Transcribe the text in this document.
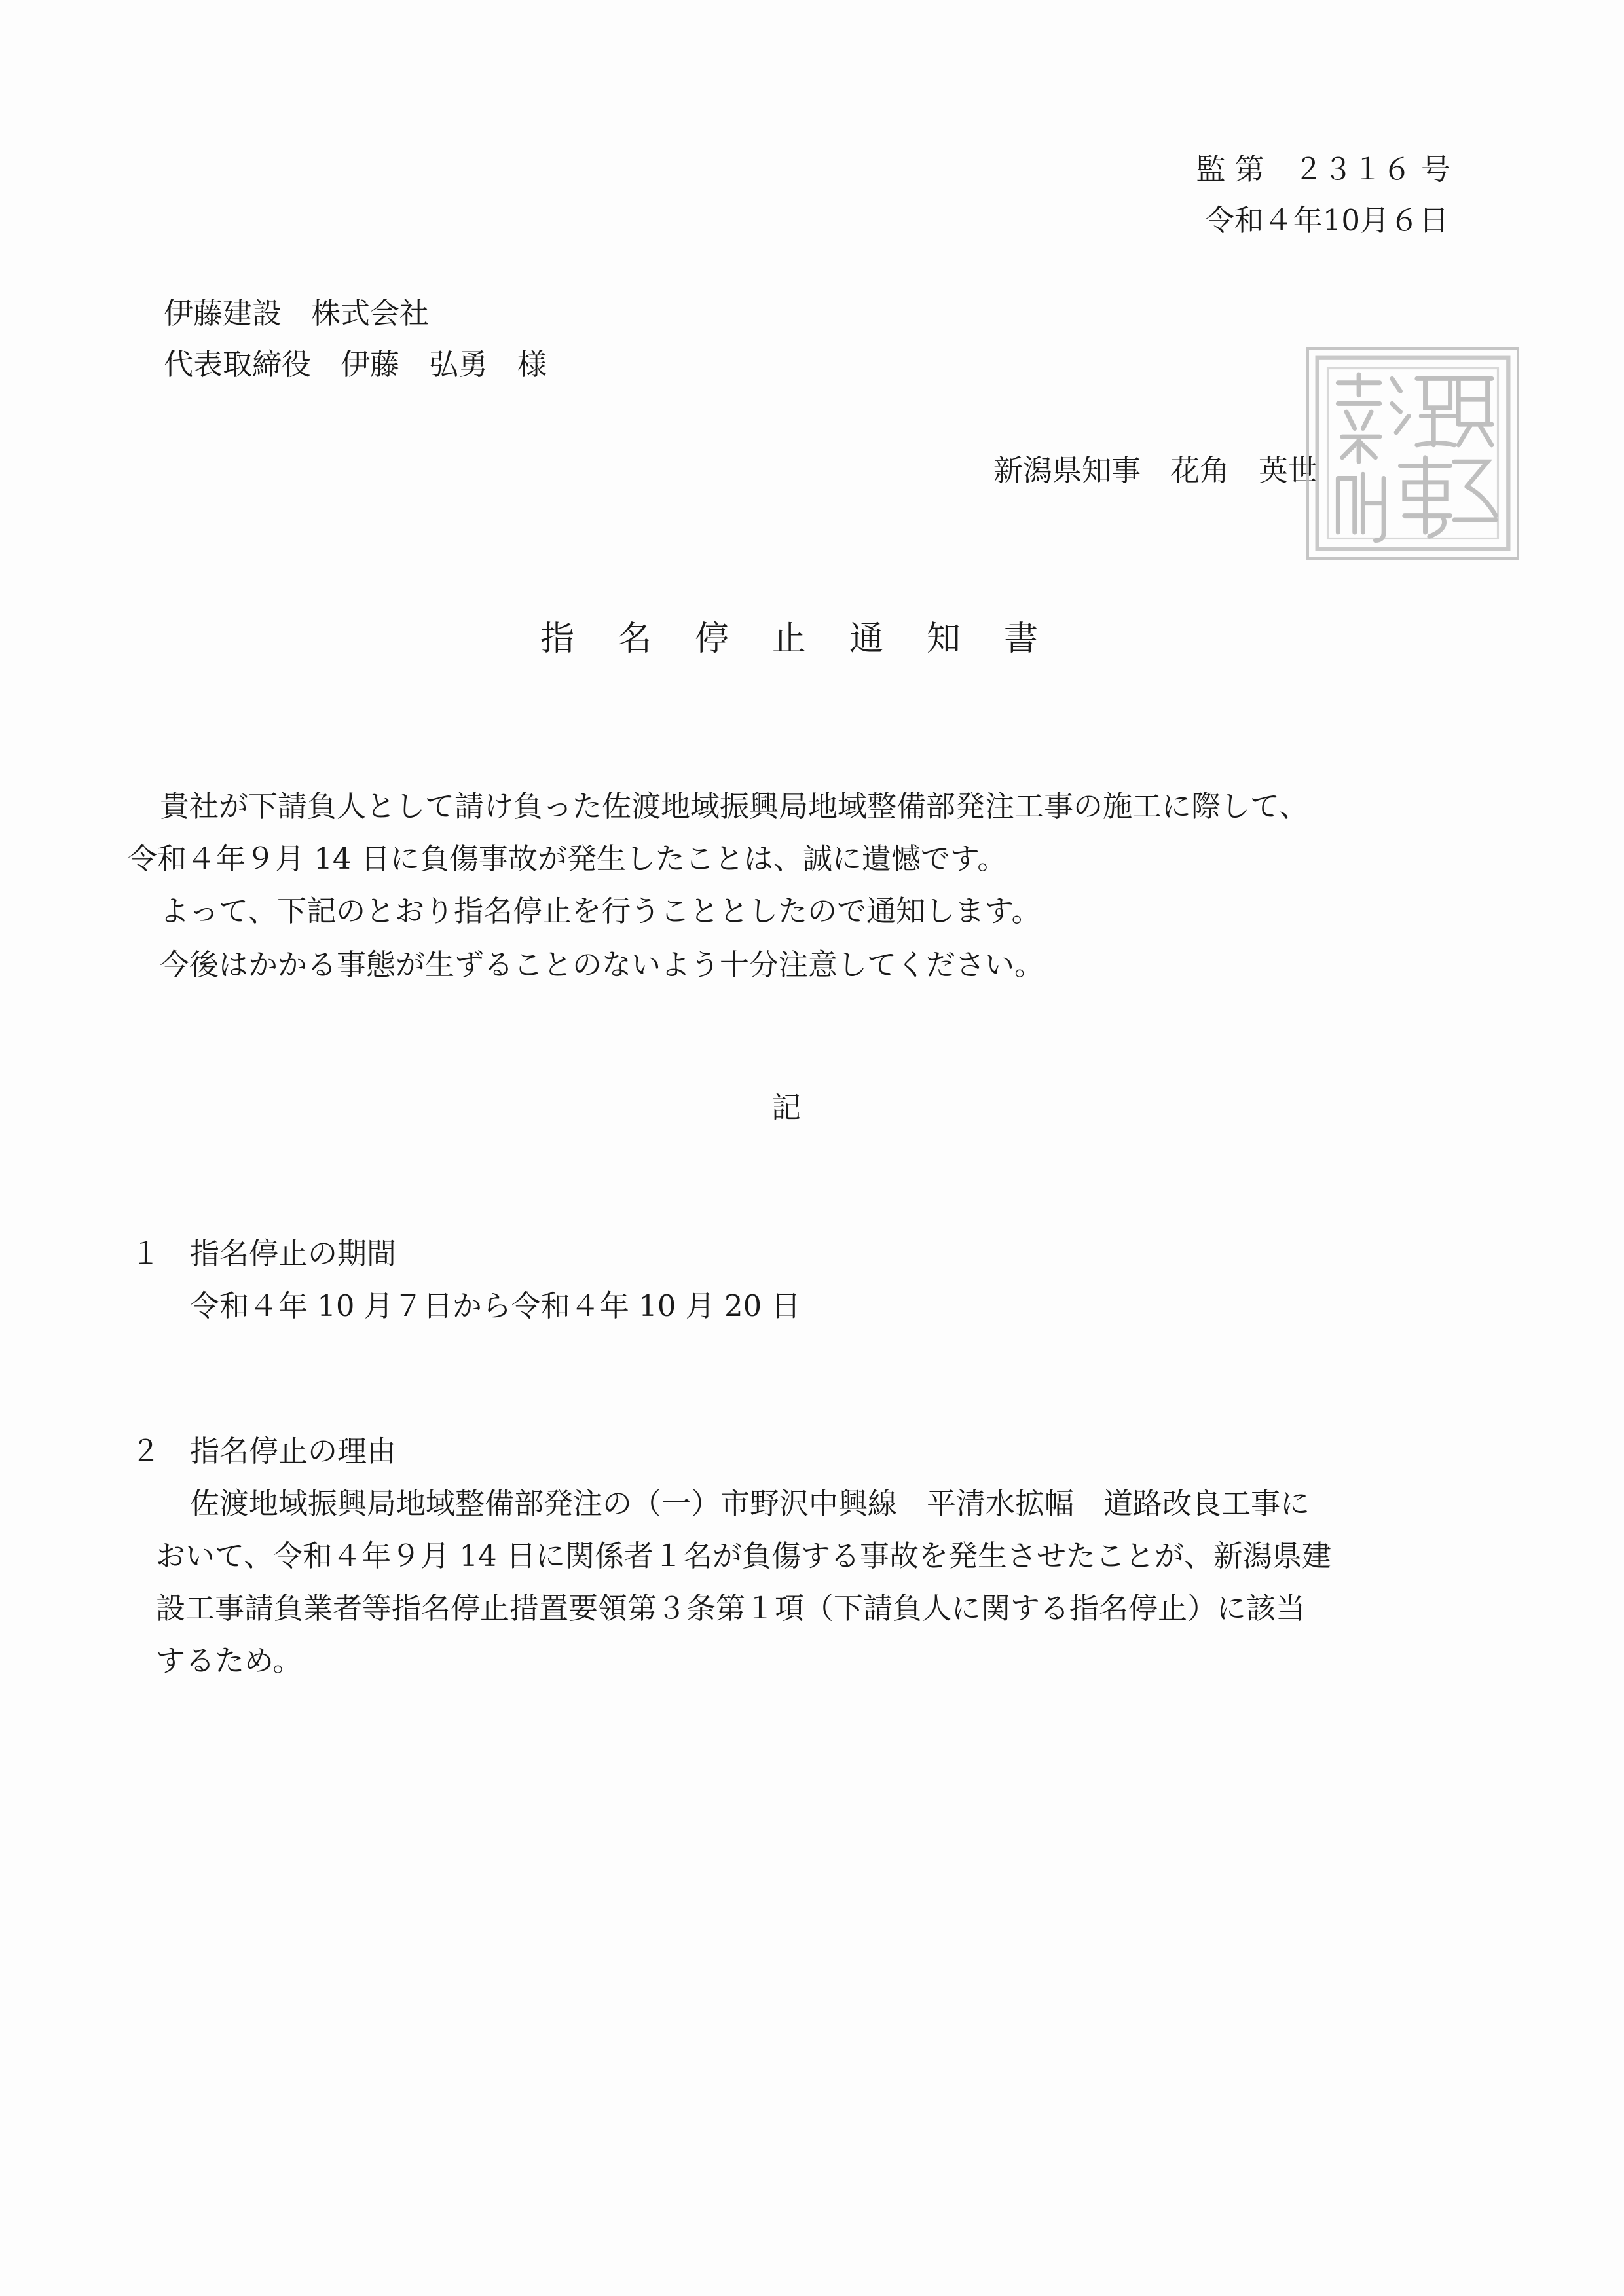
監 第　２３１６ 号
令和４年10月６日
伊藤建設　株式会社
代表取締役　伊藤　弘勇　様
新潟県知事　花角　英世
指名停止通知書
貴社が下請負人として請け負った佐渡地域振興局地域整備部発注工事の施工に際して、
令和４年９月 14 日に負傷事故が発生したことは、誠に遺憾です。
よって、下記のとおり指名停止を行うこととしたので通知します。
今後はかかる事態が生ずることのないよう十分注意してください。
記
１ 指名停止の期間
令和４年 10 月７日から令和４年 10 月 20 日
２ 指名停止の理由
佐渡地域振興局地域整備部発注の（一）市野沢中興線　平清水拡幅　道路改良工事に
おいて、令和４年９月 14 日に関係者１名が負傷する事故を発生させたことが、新潟県建
設工事請負業者等指名停止措置要領第３条第１項（下請負人に関する指名停止）に該当
するため。
